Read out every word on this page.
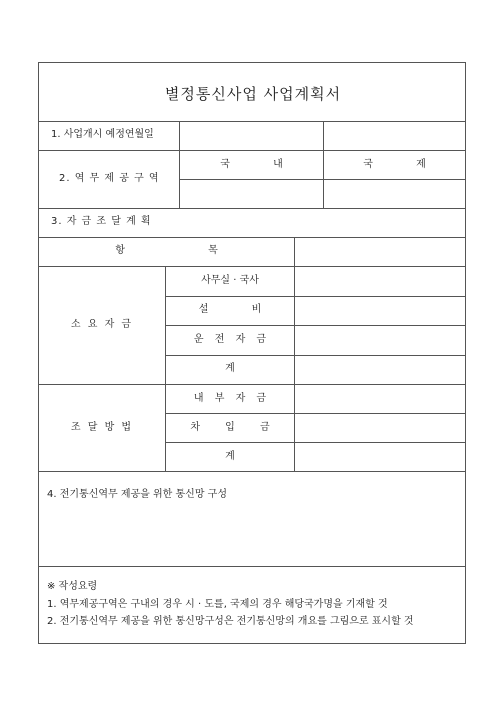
별정통신사업 사업계획서
1. 사업개시 예정연월일
2. 역 무 제 공 구 역
국 내	국 제
3. 자 금 조 달 계 획
항 목
소 요 자 금
사무실 · 국사
설 비
운 전 자 금
계
조 달 방 법
내 부 자 금
차 입 금
계
4. 전기통신역무 제공을 위한 통신망 구성
※ 작성요령
1. 역무제공구역은 구내의 경우 시 · 도를, 국제의 경우 해당국가명을 기재할 것
2. 전기통신역무 제공을 위한 통신망구성은 전기통신망의 개요를 그림으로 표시할 것
